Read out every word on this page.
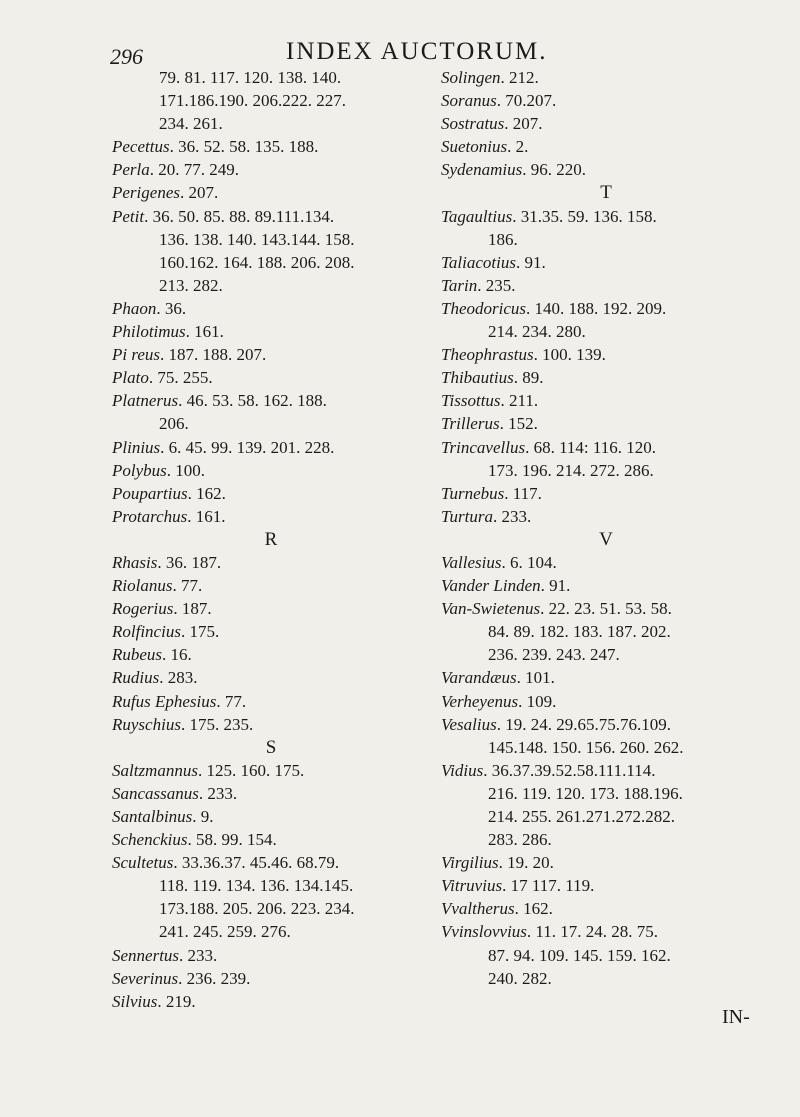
296	INDEX AUCTORUM.
79. 81. 117. 120. 138. 140.
171.186.190. 206.222. 227.
234. 261.
Pecettus. 36. 52. 58. 135. 188.
Perla. 20. 77. 249.
Perigenes. 207.
Petit. 36. 50. 85. 88. 89.111.134.
136. 138. 140. 143.144. 158.
160.162. 164. 188. 206. 208.
213. 282.
Phaon. 36.
Philotimus. 161.
Pi reus. 187. 188. 207.
Plato. 75. 255.
Platnerus. 46. 53. 58. 162. 188.
206.
Plinius. 6. 45. 99. 139. 201. 228.
Polybus. 100.
Poupartius. 162.
Protarchus. 161.
R
Rhasis. 36. 187.
Riolanus. 77.
Rogerius. 187.
Rolfincius. 175.
Rubeus. 16.
Rudius. 283.
Rufus Ephesius. 77.
Ruyschius. 175. 235.
S
Saltzmannus. 125. 160. 175.
Sancassanus. 233.
Santalbinus. 9.
Schenckius. 58. 99. 154.
Scultetus. 33.36.37. 45.46. 68.79.
118. 119. 134. 136. 134.145.
173.188. 205. 206. 223. 234.
241. 245. 259. 276.
Sennertus. 233.
Severinus. 236. 239.
Silvius. 219.
Solingen. 212.
Soranus. 70.207.
Sostratus. 207.
Suetonius. 2.
Sydenamius. 96. 220.
T
Tagaultius. 31.35. 59. 136. 158.
186.
Taliacotius. 91.
Tarin. 235.
Theodoricus. 140. 188. 192. 209.
214. 234. 280.
Theophrastus. 100. 139.
Thibautius. 89.
Tissottus. 211.
Trillerus. 152.
Trincavellus. 68. 114: 116. 120.
173. 196. 214. 272. 286.
Turnebus. 117.
Turtura. 233.
V
Vallesius. 6. 104.
Vander Linden. 91.
Van-Swietenus. 22. 23. 51. 53. 58.
84. 89. 182. 183. 187. 202.
236. 239. 243. 247.
Varandæus. 101.
Verheyenus. 109.
Vesalius. 19. 24. 29.65.75.76.109.
145.148. 150. 156. 260. 262.
Vidius. 36.37.39.52.58.111.114.
216. 119. 120. 173. 188.196.
214. 255. 261.271.272.282.
283. 286.
Virgilius. 19. 20.
Vitruvius. 17 117. 119.
Vvaltherus. 162.
Vvinslovvius. 11. 17. 24. 28. 75.
87. 94. 109. 145. 159. 162.
240. 282.
IN-
